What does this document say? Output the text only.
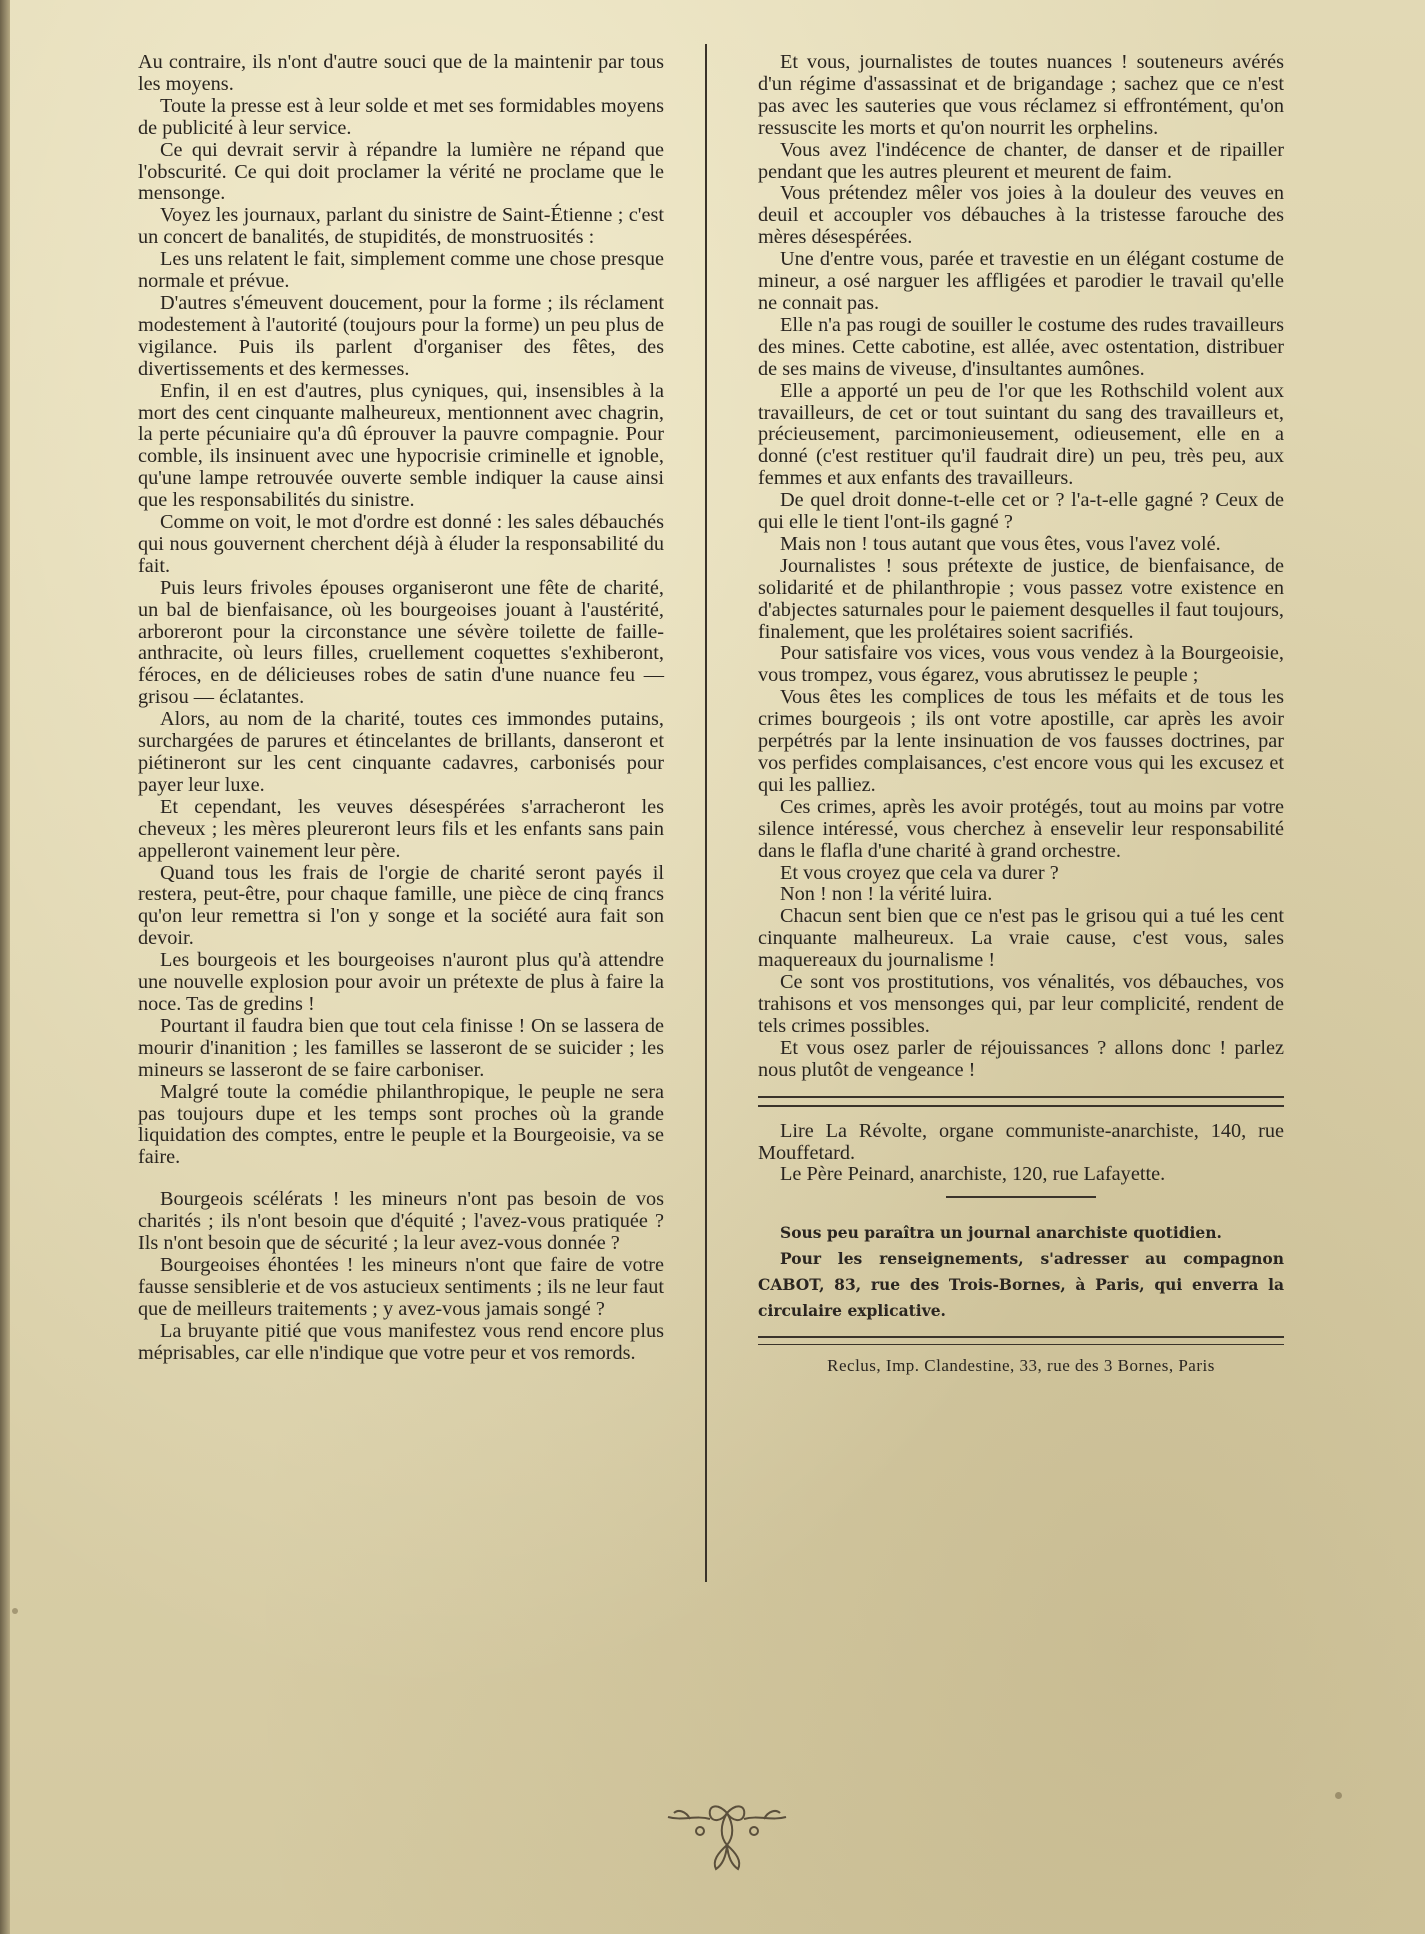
Au contraire, ils n'ont d'autre souci que de la maintenir par tous les moyens.

Toute la presse est à leur solde et met ses formidables moyens de publicité à leur service.

Ce qui devrait servir à répandre la lumière ne répand que l'obscurité. Ce qui doit proclamer la vérité ne proclame que le mensonge.

Voyez les journaux, parlant du sinistre de Saint-Étienne ; c'est un concert de banalités, de stupidités, de monstruosités :

Les uns relatent le fait, simplement comme une chose presque normale et prévue.

D'autres s'émeuvent doucement, pour la forme ; ils réclament modestement à l'autorité (toujours pour la forme) un peu plus de vigilance. Puis ils parlent d'organiser des fêtes, des divertissements et des kermesses.

Enfin, il en est d'autres, plus cyniques, qui, insensibles à la mort des cent cinquante malheureux, mentionnent avec chagrin, la perte pécuniaire qu'a dû éprouver la pauvre compagnie. Pour comble, ils insinuent avec une hypocrisie criminelle et ignoble, qu'une lampe retrouvée ouverte semble indiquer la cause ainsi que les responsabilités du sinistre.

Comme on voit, le mot d'ordre est donné : les sales débauchés qui nous gouvernent cherchent déjà à éluder la responsabilité du fait.

Puis leurs frivoles épouses organiseront une fête de charité, un bal de bienfaisance, où les bourgeoises jouant à l'austérité, arboreront pour la circonstance une sévère toilette de faille-anthracite, où leurs filles, cruellement coquettes s'exhiberont, féroces, en de délicieuses robes de satin d'une nuance feu — grisou — éclatantes.

Alors, au nom de la charité, toutes ces immondes putains, surchargées de parures et étincelantes de brillants, danseront et piétineront sur les cent cinquante cadavres, carbonisés pour payer leur luxe.

Et cependant, les veuves désespérées s'arracheront les cheveux ; les mères pleureront leurs fils et les enfants sans pain appelleront vainement leur père.

Quand tous les frais de l'orgie de charité seront payés il restera, peut-être, pour chaque famille, une pièce de cinq francs qu'on leur remettra si l'on y songe et la société aura fait son devoir.

Les bourgeois et les bourgeoises n'auront plus qu'à attendre une nouvelle explosion pour avoir un prétexte de plus à faire la noce. Tas de gredins !

Pourtant il faudra bien que tout cela finisse ! On se lassera de mourir d'inanition ; les familles se lasseront de se suicider ; les mineurs se lasseront de se faire carboniser.

Malgré toute la comédie philanthropique, le peuple ne sera pas toujours dupe et les temps sont proches où la grande liquidation des comptes, entre le peuple et la Bourgeoisie, va se faire.

Bourgeois scélérats ! les mineurs n'ont pas besoin de vos charités ; ils n'ont besoin que d'équité ; l'avez-vous pratiquée ? Ils n'ont besoin que de sécurité ; la leur avez-vous donnée ?

Bourgeoises éhontées ! les mineurs n'ont que faire de votre fausse sensiblerie et de vos astucieux sentiments ; ils ne leur faut que de meilleurs traitements ; y avez-vous jamais songé ?

La bruyante pitié que vous manifestez vous rend encore plus méprisables, car elle n'indique que votre peur et vos remords.

Et vous, journalistes de toutes nuances ! souteneurs avérés d'un régime d'assassinat et de brigandage ; sachez que ce n'est pas avec les sauteries que vous réclamez si effrontément, qu'on ressuscite les morts et qu'on nourrit les orphelins.

Vous avez l'indécence de chanter, de danser et de ripailler pendant que les autres pleurent et meurent de faim.

Vous prétendez mêler vos joies à la douleur des veuves en deuil et accoupler vos débauches à la tristesse farouche des mères désespérées.

Une d'entre vous, parée et travestie en un élégant costume de mineur, a osé narguer les affligées et parodier le travail qu'elle ne connait pas.

Elle n'a pas rougi de souiller le costume des rudes travailleurs des mines. Cette cabotine, est allée, avec ostentation, distribuer de ses mains de viveuse, d'insultantes aumônes.

Elle a apporté un peu de l'or que les Rothschild volent aux travailleurs, de cet or tout suintant du sang des travailleurs et, précieusement, parcimonieusement, odieusement, elle en a donné (c'est restituer qu'il faudrait dire) un peu, très peu, aux femmes et aux enfants des travailleurs.

De quel droit donne-t-elle cet or ? l'a-t-elle gagné ? Ceux de qui elle le tient l'ont-ils gagné ?

Mais non ! tous autant que vous êtes, vous l'avez volé.

Journalistes ! sous prétexte de justice, de bienfaisance, de solidarité et de philanthropie ; vous passez votre existence en d'abjectes saturnales pour le paiement desquelles il faut toujours, finalement, que les prolétaires soient sacrifiés.

Pour satisfaire vos vices, vous vous vendez à la Bourgeoisie, vous trompez, vous égarez, vous abrutissez le peuple ;

Vous êtes les complices de tous les méfaits et de tous les crimes bourgeois ; ils ont votre apostille, car après les avoir perpétrés par la lente insinuation de vos fausses doctrines, par vos perfides complaisances, c'est encore vous qui les excusez et qui les palliez.

Ces crimes, après les avoir protégés, tout au moins par votre silence intéressé, vous cherchez à ensevelir leur responsabilité dans le flafla d'une charité à grand orchestre.

Et vous croyez que cela va durer ?

Non ! non ! la vérité luira.

Chacun sent bien que ce n'est pas le grisou qui a tué les cent cinquante malheureux. La vraie cause, c'est vous, sales maquereaux du journalisme !

Ce sont vos prostitutions, vos vénalités, vos débauches, vos trahisons et vos mensonges qui, par leur complicité, rendent de tels crimes possibles.

Et vous osez parler de réjouissances ? allons donc ! parlez nous plutôt de vengeance !

Lire La Révolte, organe communiste-anarchiste, 140, rue Mouffetard.

Le Père Peinard, anarchiste, 120, rue Lafayette.

Sous peu paraîtra un journal anarchiste quotidien.

Pour les renseignements, s'adresser au compagnon CABOT, 83, rue des Trois-Bornes, à Paris, qui enverra la circulaire explicative.

Reclus, Imp. Clandestine, 33, rue des 3 Bornes, Paris
